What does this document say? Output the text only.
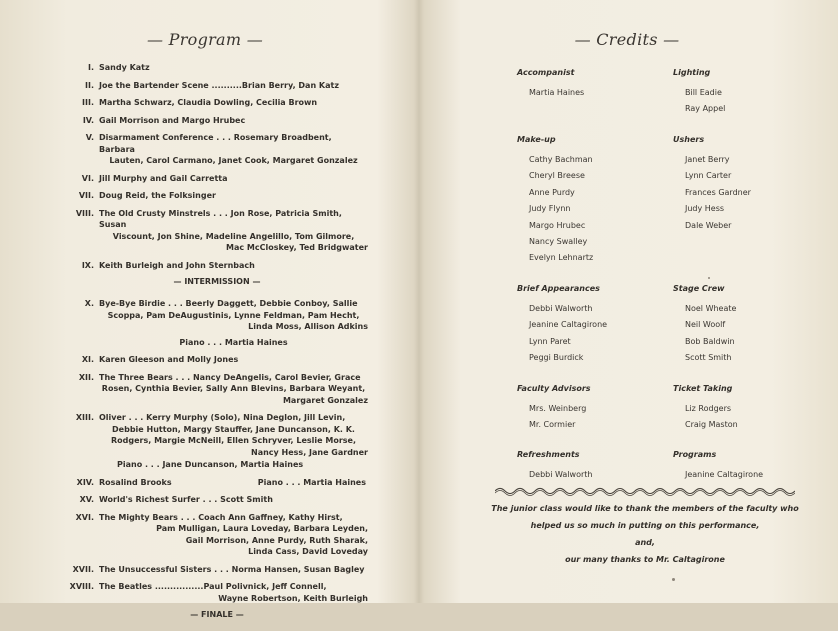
— Program —
I. Sandy Katz
II. Joe the Bartender Scene ..........Brian Berry, Dan Katz
III. Martha Schwarz, Claudia Dowling, Cecilia Brown
IV. Gail Morrison and Margo Hrubec
V. Disarmament Conference . . . Rosemary Broadbent, Barbara
Lauten, Carol Carmano, Janet Cook, Margaret Gonzalez
VI. Jill Murphy and Gail Carretta
VII. Doug Reid, the Folksinger
VIII. The Old Crusty Minstrels . . . Jon Rose, Patricia Smith, Susan
Viscount, Jon Shine, Madeline Angelillo, Tom Gilmore,
Mac McCloskey, Ted Bridgwater
IX. Keith Burleigh and John Sternbach
— INTERMISSION —
X. Bye-Bye Birdie . . . Beerly Daggett, Debbie Conboy, Sallie
Scoppa, Pam DeAugustinis, Lynne Feldman, Pam Hecht,
Linda Moss, Allison Adkins
Piano . . . Martia Haines
XI. Karen Gleeson and Molly Jones
XII. The Three Bears . . . Nancy DeAngelis, Carol Bevier, Grace
Rosen, Cynthia Bevier, Sally Ann Blevins, Barbara Weyant,
Margaret Gonzalez
XIII. Oliver . . . Kerry Murphy (Solo), Nina Deglon, Jill Levin,
Debbie Hutton, Margy Stauffer, Jane Duncanson, K. K.
Rodgers, Margie McNeill, Ellen Schryver, Leslie Morse,
Nancy Hess, Jane Gardner
Piano . . . Jane Duncanson, Martia Haines
XIV. Rosalind Brooks	Piano . . . Martia Haines
XV. World's Richest Surfer . . . Scott Smith
XVI. The Mighty Bears . . . Coach Ann Gaffney, Kathy Hirst,
Pam Mulligan, Laura Loveday, Barbara Leyden,
Gail Morrison, Anne Purdy, Ruth Sharak,
Linda Cass, David Loveday
XVII. The Unsuccessful Sisters . . . Norma Hansen, Susan Bagley
XVIII. The Beatles ................Paul Polivnick, Jeff Connell,
Wayne Robertson, Keith Burleigh
— FINALE —
— Credits —
Accompanist
Martia Haines
Lighting
Bill Eadie
Ray Appel
Make-up
Cathy Bachman
Cheryl Breese
Anne Purdy
Judy Flynn
Margo Hrubec
Nancy Swalley
Evelyn Lehnartz
Ushers
Janet Berry
Lynn Carter
Frances Gardner
Judy Hess
Dale Weber
Brief Appearances
Debbi Walworth
Jeanine Caltagirone
Lynn Paret
Peggi Burdick
Stage Crew
Noel Wheate
Neil Woolf
Bob Baldwin
Scott Smith
Faculty Advisors
Mrs. Weinberg
Mr. Cormier
Ticket Taking
Liz Rodgers
Craig Maston
Refreshments
Debbi Walworth
Programs
Jeanine Caltagirone
The junior class would like to thank the members of the faculty who
helped us so much in putting on this performance,
and,
our many thanks to Mr. Caltagirone
